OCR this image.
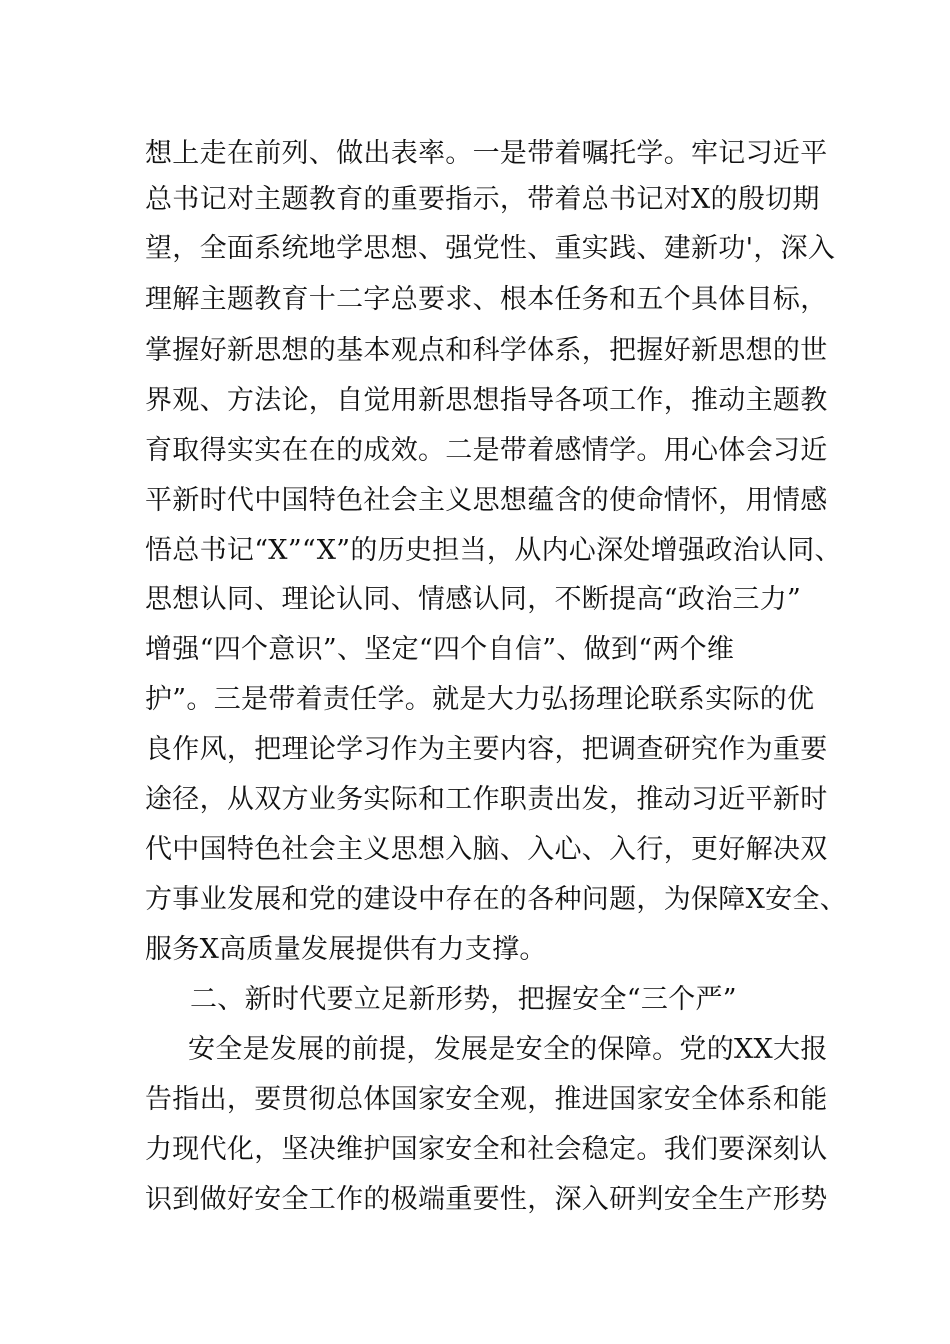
想上走在前列、做出表率。一是带着嘱托学。牢记习近平
总书记对主题教育的重要指示，带着总书记对X的殷切期
望，全面系统地学思想、强党性、重实践、建新功'，深入
理解主题教育十二字总要求、根本任务和五个具体目标，
掌握好新思想的基本观点和科学体系，把握好新思想的世
界观、方法论，自觉用新思想指导各项工作，推动主题教
育取得实实在在的成效。二是带着感情学。用心体会习近
平新时代中国特色社会主义思想蕴含的使命情怀，用情感
悟总书记“X”“X”的历史担当，从内心深处增强政治认同、
思想认同、理论认同、情感认同，不断提高“政治三力”
增强“四个意识”、坚定“四个自信”、做到“两个维
护”。三是带着责任学。就是大力弘扬理论联系实际的优
良作风，把理论学习作为主要内容，把调查研究作为重要
途径，从双方业务实际和工作职责出发，推动习近平新时
代中国特色社会主义思想入脑、入心、入行，更好解决双
方事业发展和党的建设中存在的各种问题，为保障X安全、
服务X高质量发展提供有力支撑。
二、新时代要立足新形势，把握安全“三个严”
安全是发展的前提，发展是安全的保障。党的XX大报
告指出，要贯彻总体国家安全观，推进国家安全体系和能
力现代化，坚决维护国家安全和社会稳定。我们要深刻认
识到做好安全工作的极端重要性，深入研判安全生产形势
